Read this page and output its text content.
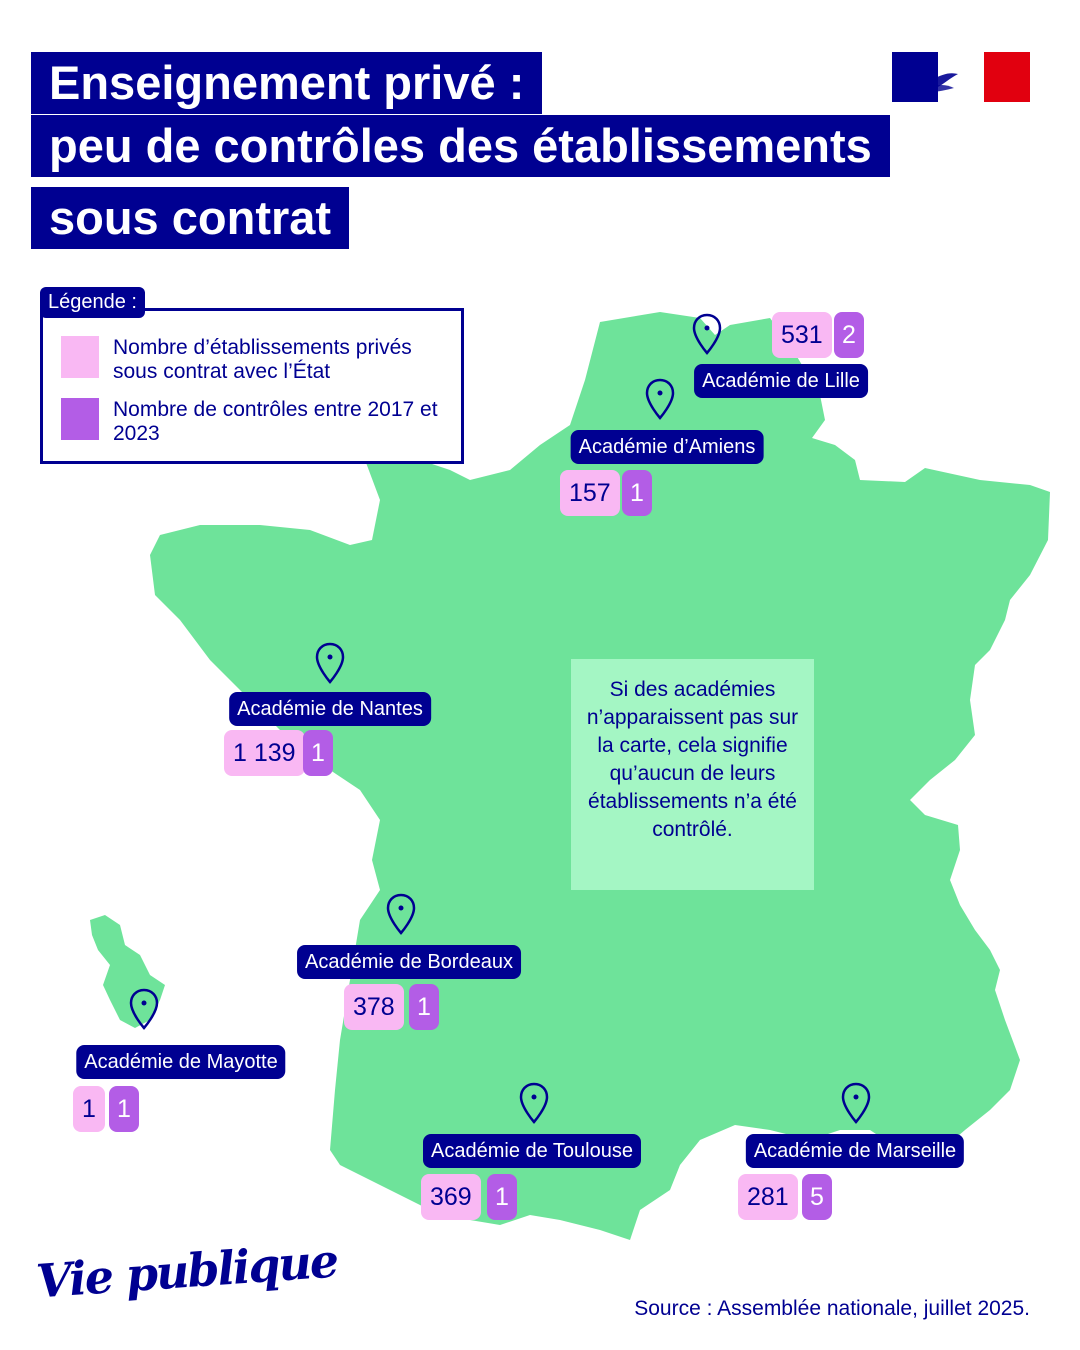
Enseignement privé :
peu de contrôles des établissements
sous contrat
Nombre d’établissements privés sous contrat avec l’État
Nombre de contrôles entre 2017 et 2023
Légende :
Si des académies n’apparaissent pas sur la carte, cela signifie qu’aucun de leurs établissements n’a été contrôlé.
531 2
Académie de Lille
Académie d’Amiens
157 1
Académie de Nantes
1 139 1
Académie de Bordeaux
378 1
Académie de Mayotte
1 1
Académie de Toulouse
369 1
Académie de Marseille
281 5
Vie publique
Source : Assemblée nationale, juillet 2025.
